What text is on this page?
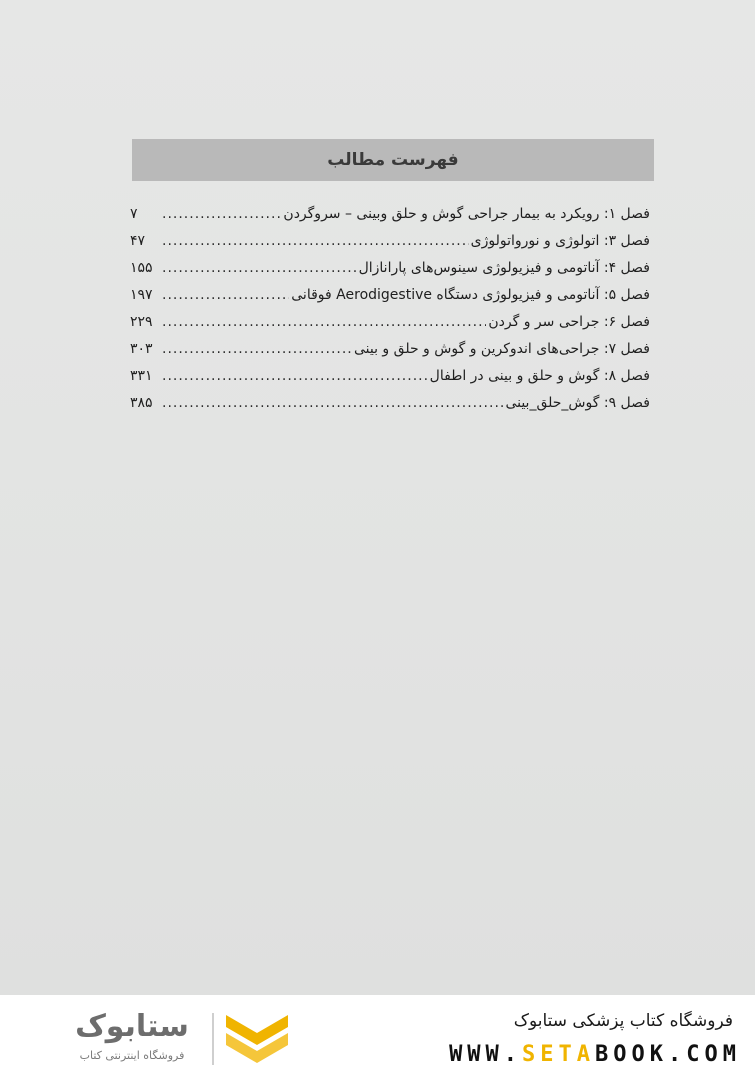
فهرست مطالب
فصل ۱: رویکرد به بیمار جراحی گوش و حلق وبینی – سروگردن
.....
۷
فصل ۳: اتولوژی و نورواتولوژی
.....
۴۷
فصل ۴: آناتومی و فیزیولوژی سینوس‌های پارانازال
.....
۱۵۵
فصل ۵: آناتومی و فیزیولوژی دستگاه Aerodigestive فوقانی
.....
۱۹۷
فصل ۶: جراحی سر و گردن
.....
۲۲۹
فصل ۷: جراحی‌های اندوکرین و گوش و حلق و بینی
.....
۳۰۳
فصل ۸: گوش و حلق و بینی در اطفال
.....
۳۳۱
فصل ۹: گوش_حلق_بینی
.....
۳۸۵
ستابوک
فروشگاه اینترنتی کتاب
فروشگاه کتاب پزشکی ستابوک
WWW.SETABOOK.COM
